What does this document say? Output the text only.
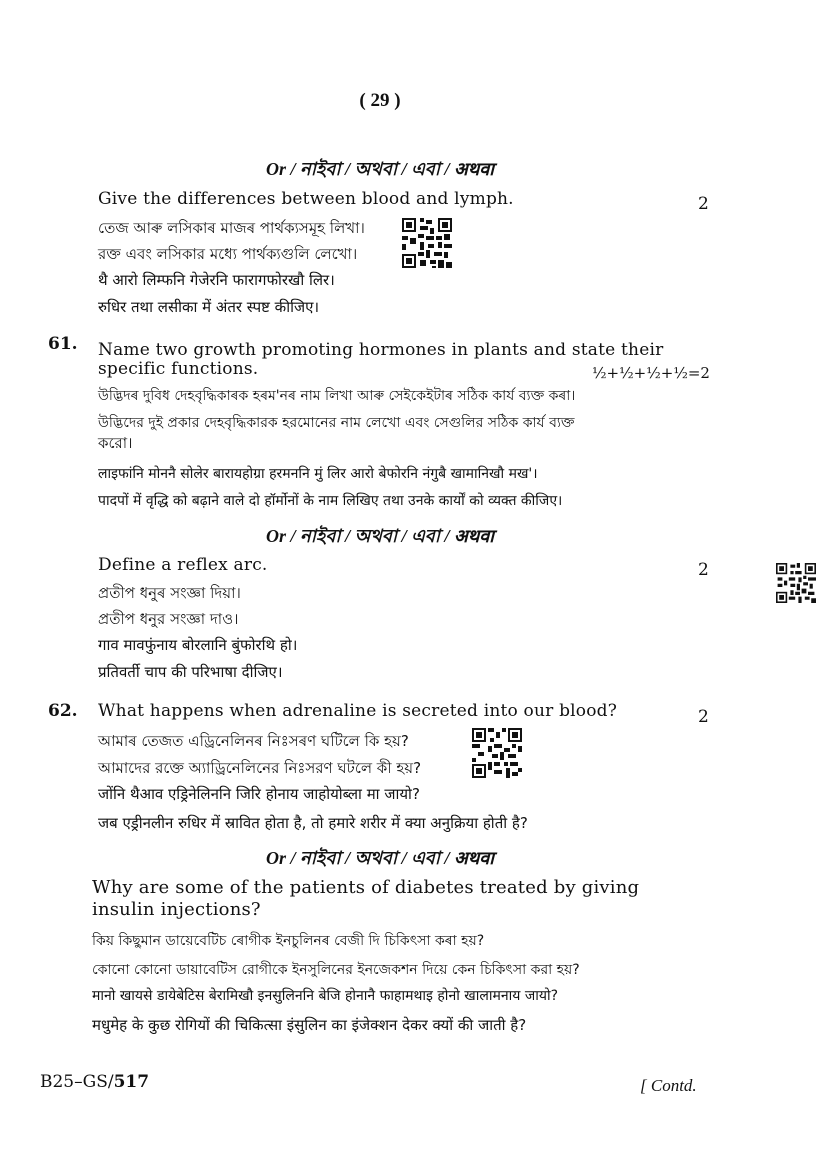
( 29 )
Or / নাইবা / অথবা / এবা / अथवा
Give the differences between blood and lymph.	2
তেজ আৰু লসিকাৰ মাজৰ পাৰ্থক্যসমূহ লিখা।
রক্ত এবং লসিকার মধ্যে পার্থক্যগুলি লেখো।
थै आरो लिम्फनि गेजेरनि फारागफोरखौ लिर।
रुधिर तथा लसीका में अंतर स्पष्ट कीजिए।
61. Name two growth promoting hormones in plants and state their
specific functions.	½+½+½+½=2
উদ্ভিদৰ দুবিধ দেহবৃদ্ধিকাৰক হৰম'নৰ নাম লিখা আৰু সেইকেইটাৰ সঠিক কাৰ্য ব্যক্ত কৰা।
উদ্ভিদের দুই প্রকার দেহবৃদ্ধিকারক হরমোনের নাম লেখো এবং সেগুলির সঠিক কার্য ব্যক্ত
করো।
लाइफांनि मोननै सोलेर बारायहोग्रा हरमननि मुं लिर आरो बेफोरनि नंगुबै खामानिखौ मख'।
पादपों में वृद्धि को बढ़ाने वाले दो हॉर्मोनों के नाम लिखिए तथा उनके कार्यों को व्यक्त कीजिए।
Or / নাইবা / অথবা / এবা / अथवा
Define a reflex arc.	2
প্ৰতীপ ধনুৰ সংজ্ঞা দিয়া।
প্রতীপ ধনুর সংজ্ঞা দাও।
गाव मावफुंनाय बोरलानि बुंफोरथि हो।
प्रतिवर्ती चाप की परिभाषा दीजिए।
62. What happens when adrenaline is secreted into our blood?	2
আমাৰ তেজত এড্ৰিনেলিনৰ নিঃসৰণ ঘটিলে কি হয়?
আমাদের রক্তে অ্যাড্রিনেলিনের নিঃসরণ ঘটলে কী হয়?
जोंनि थैआव एड्रिनेलिननि जिरि होनाय जाहोयोब्ला मा जायो?
जब एड्रीनलीन रुधिर में स्रावित होता है, तो हमारे शरीर में क्या अनुक्रिया होती है?
Or / নাইবা / অথবা / এবা / अथवा
Why are some of the patients of diabetes treated by giving
insulin injections?
কিয় কিছুমান ডায়েবেটিচ ৰোগীক ইনচুলিনৰ বেজী দি চিকিৎসা কৰা হয়?
কোনো কোনো ডায়াবেটিস রোগীকে ইনসুলিনের ইনজেকশন দিয়ে কেন চিকিৎসা করা হয়?
मानो खायसे डायेबेटिस बेरामिखौ इनसुलिननि बेजि होनानै फाहामथाइ होनो खालामनाय जायो?
मधुमेह के कुछ रोगियों की चिकित्सा इंसुलिन का इंजेक्शन देकर क्यों की जाती है?
B25–GS/517	[ Contd.
